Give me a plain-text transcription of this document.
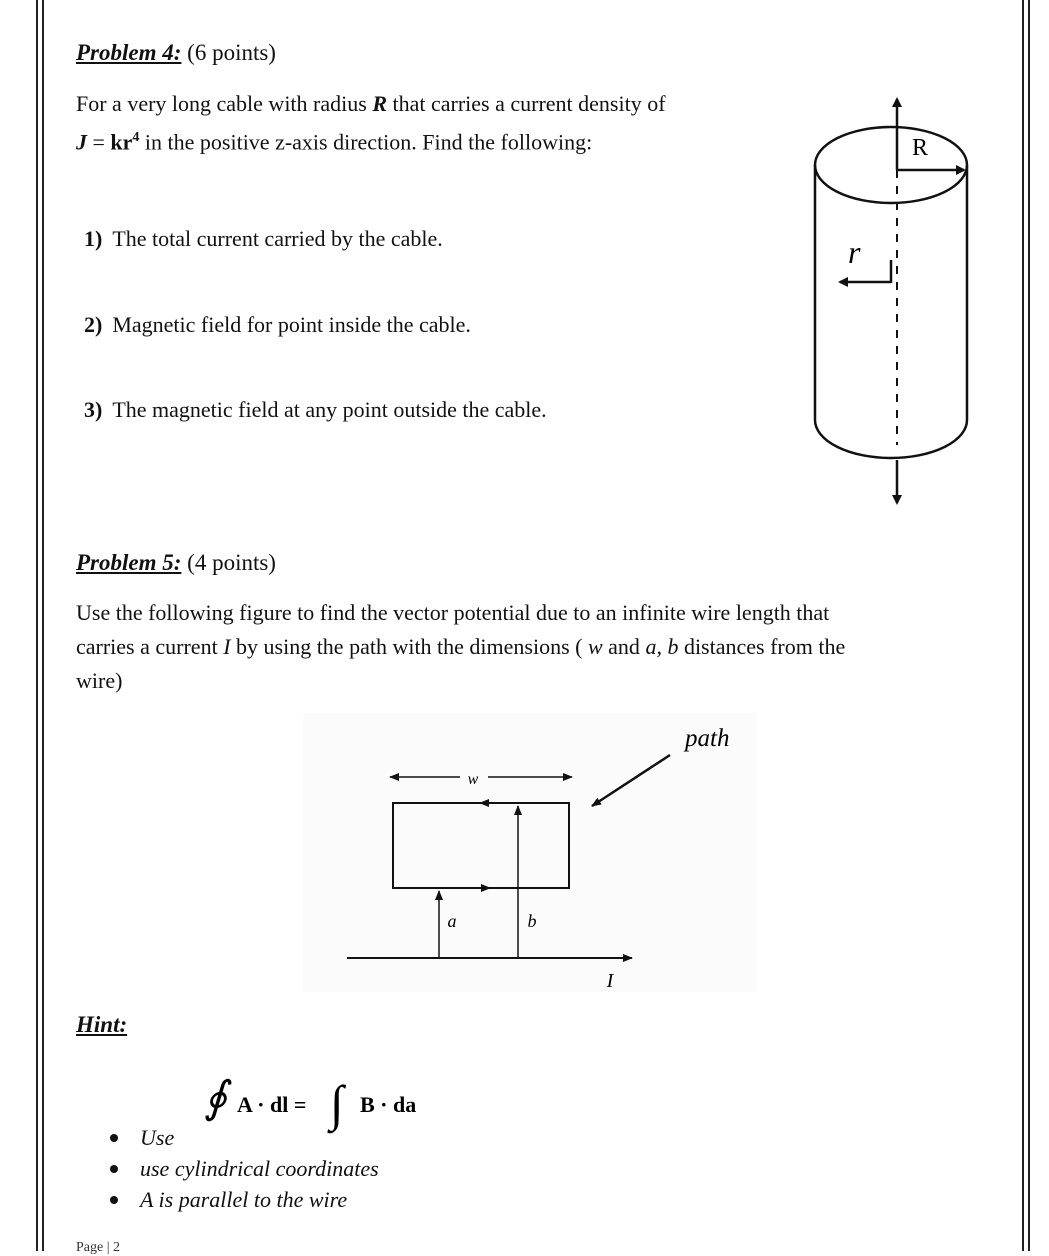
Problem 4: (6 points)
For a very long cable with radius R that carries a current density of
$J = kr^4$ in the positive z-axis direction. Find the following:
1) The total current carried by the cable.
2) Magnetic field for point inside the cable.
3) The magnetic field at any point outside the cable.
R
r
Problem 5: (4 points)
Use the following figure to find the vector potential due to an infinite wire length that
carries a current I by using the path with the dimensions ( w and a, b distances from the
wire)
path
w
a	b
I
Hint:
∮ A · dl = ∫ B · da
Use
use cylindrical coordinates
A is parallel to the wire
Page | 2
